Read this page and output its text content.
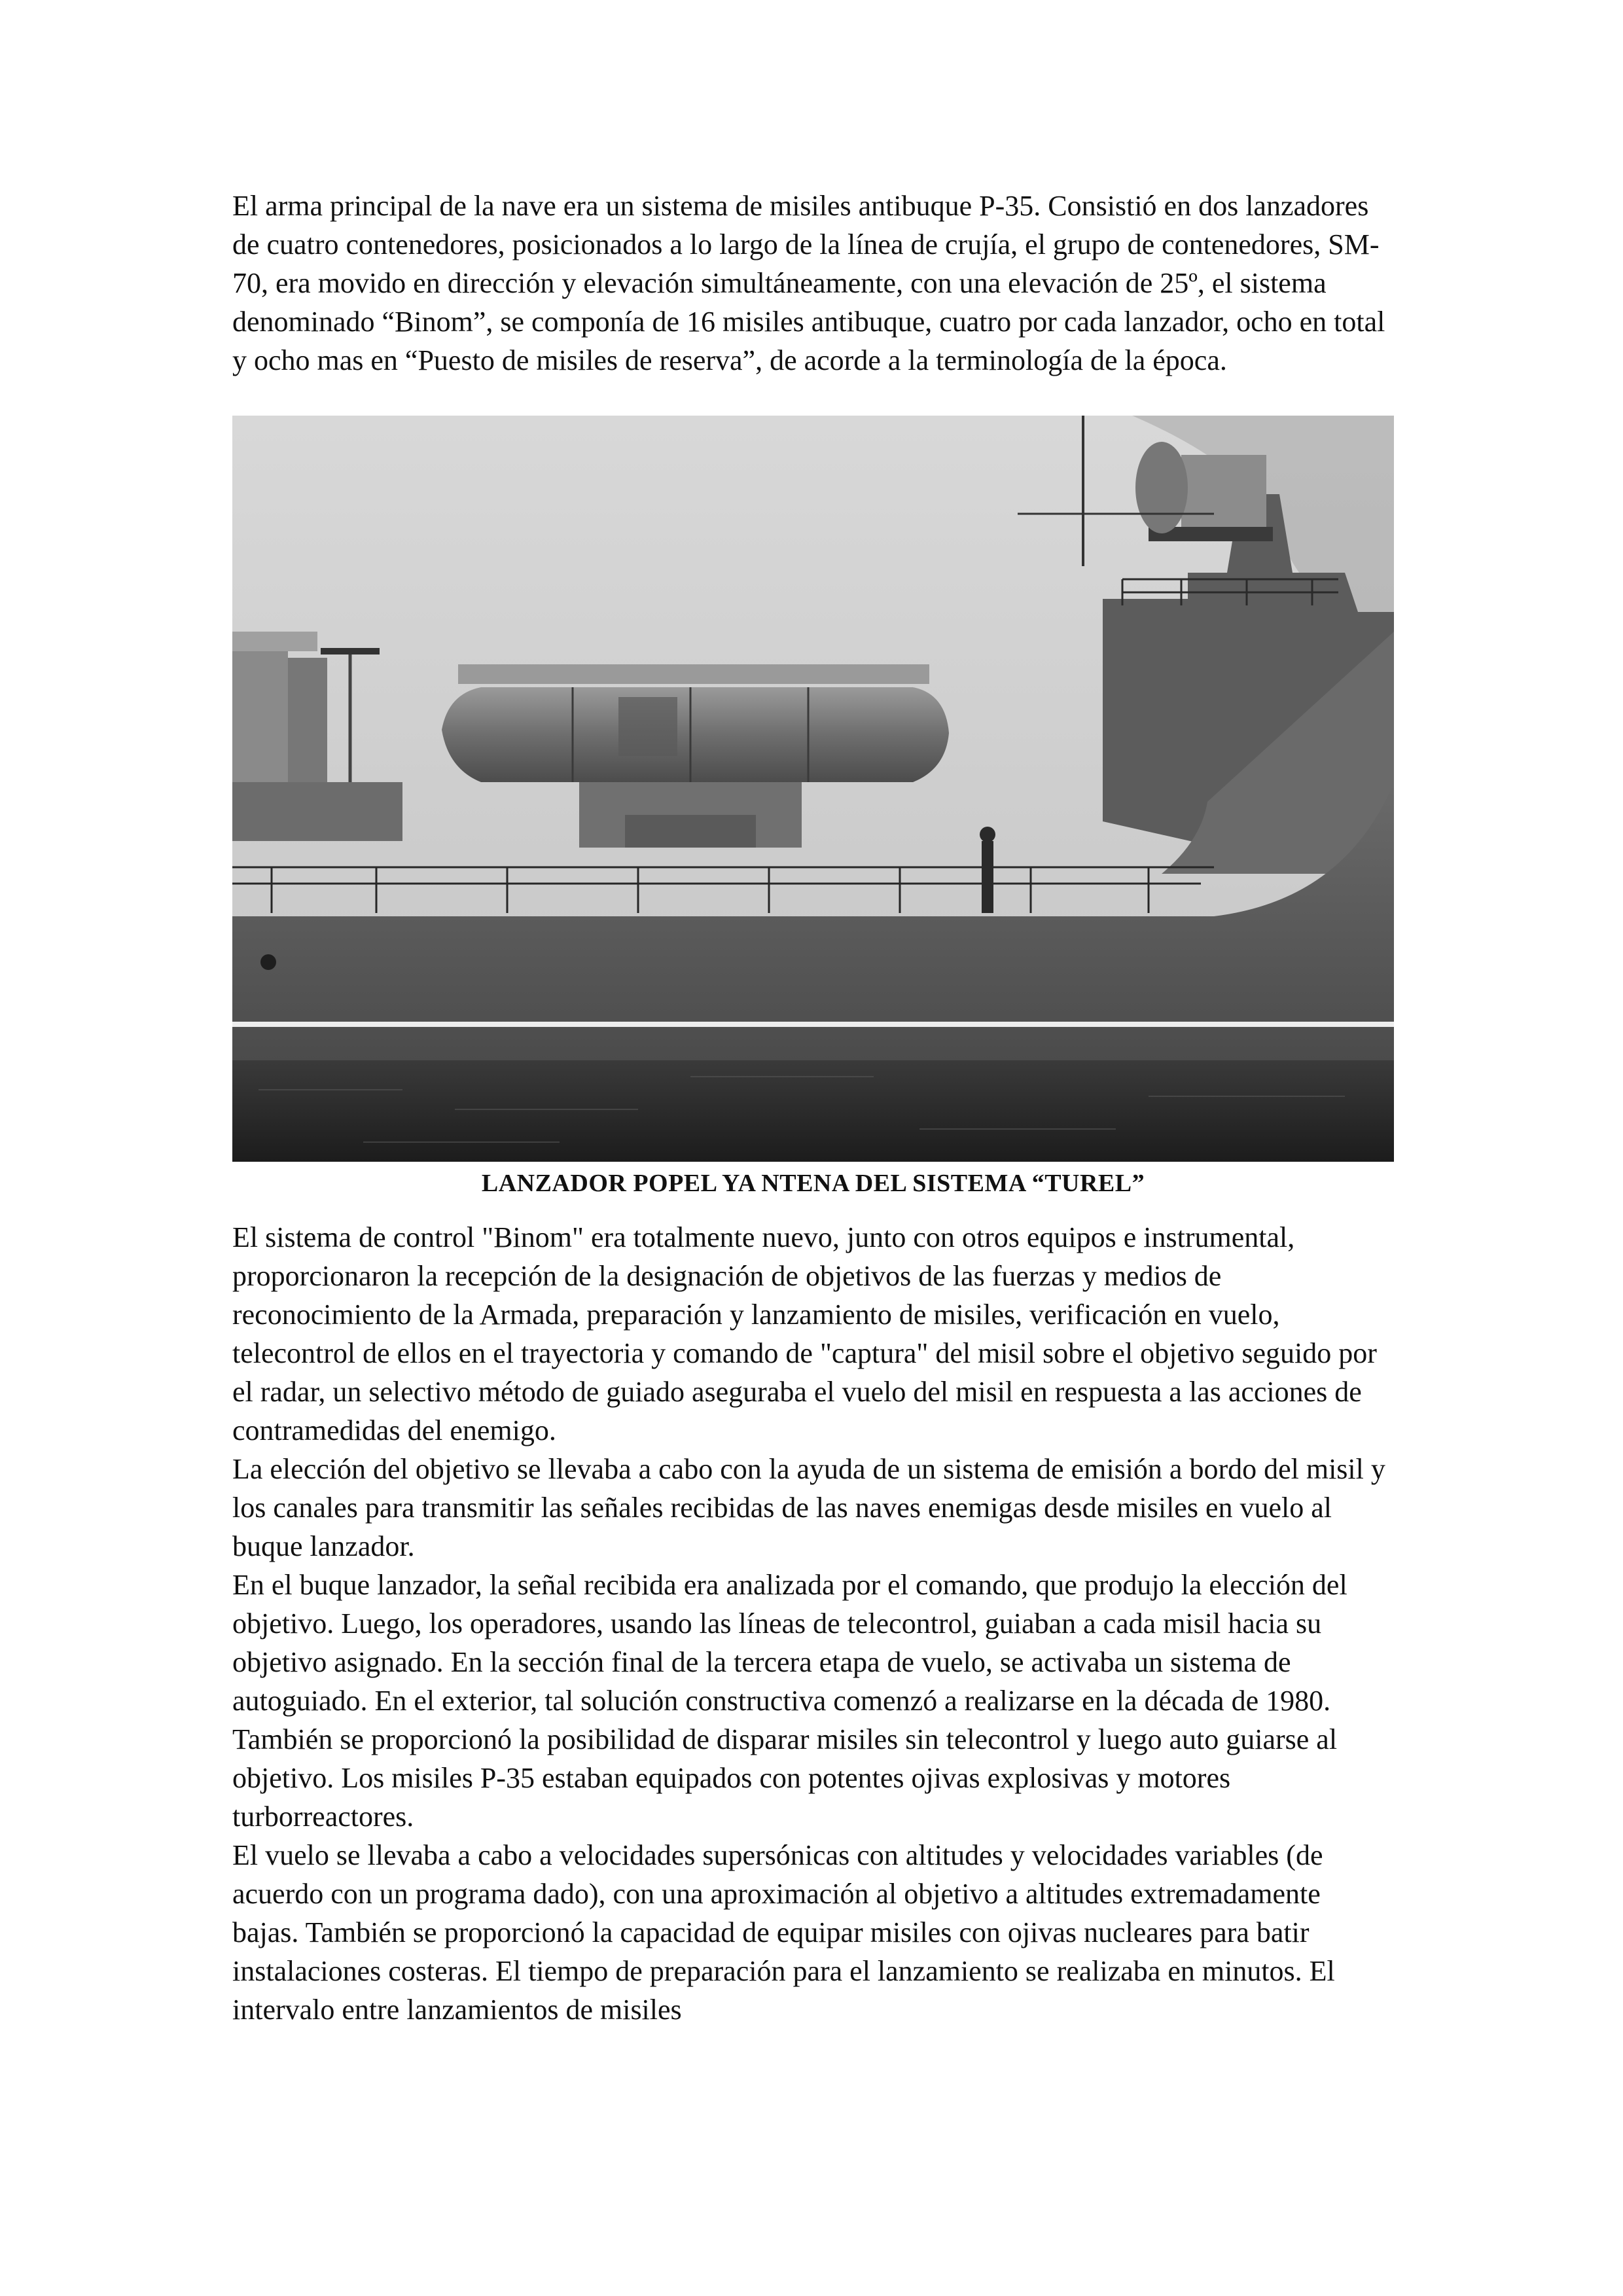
El arma principal de la nave era un sistema de misiles antibuque P-35. Consistió en dos lanzadores de cuatro contenedores, posicionados a lo largo de la línea de crujía, el grupo de contenedores, SM-70, era movido en dirección y elevación simultáneamente, con una elevación de 25º, el sistema denominado “Binom”, se componía de 16 misiles antibuque, cuatro por cada lanzador, ocho en total y ocho mas en “Puesto de misiles de reserva”, de acorde a la terminología de la época.

LANZADOR POPEL YA NTENA DEL SISTEMA “TUREL”

El sistema de control "Binom" era totalmente nuevo, junto con otros equipos e instrumental, proporcionaron la recepción de la designación de objetivos de las fuerzas y medios de reconocimiento de la Armada, preparación y lanzamiento de misiles, verificación en vuelo, telecontrol de ellos en el trayectoria y comando de "captura" del misil sobre el objetivo seguido por el radar, un selectivo método de guiado aseguraba el vuelo del misil en respuesta a las acciones de contramedidas del enemigo.

La elección del objetivo se llevaba a cabo con la ayuda de un sistema de emisión a bordo del misil y los canales para transmitir las señales recibidas de las naves enemigas desde misiles en vuelo al buque lanzador.

En el buque lanzador, la señal recibida era analizada por el comando, que produjo la elección del objetivo. Luego, los operadores, usando las líneas de telecontrol, guiaban a cada misil hacia su objetivo asignado. En la sección final de la tercera etapa de vuelo, se activaba un sistema de autoguiado. En el exterior, tal solución constructiva comenzó a realizarse en la década de 1980.

También se proporcionó la posibilidad de disparar misiles sin telecontrol y luego auto guiarse al objetivo. Los misiles P-35 estaban equipados con potentes ojivas explosivas y motores turborreactores.

El vuelo se llevaba a cabo a velocidades supersónicas con altitudes y velocidades variables (de acuerdo con un programa dado), con una aproximación al objetivo a altitudes extremadamente bajas. También se proporcionó la capacidad de equipar misiles con ojivas nucleares para batir instalaciones costeras. El tiempo de preparación para el lanzamiento se realizaba en minutos. El intervalo entre lanzamientos de misiles
